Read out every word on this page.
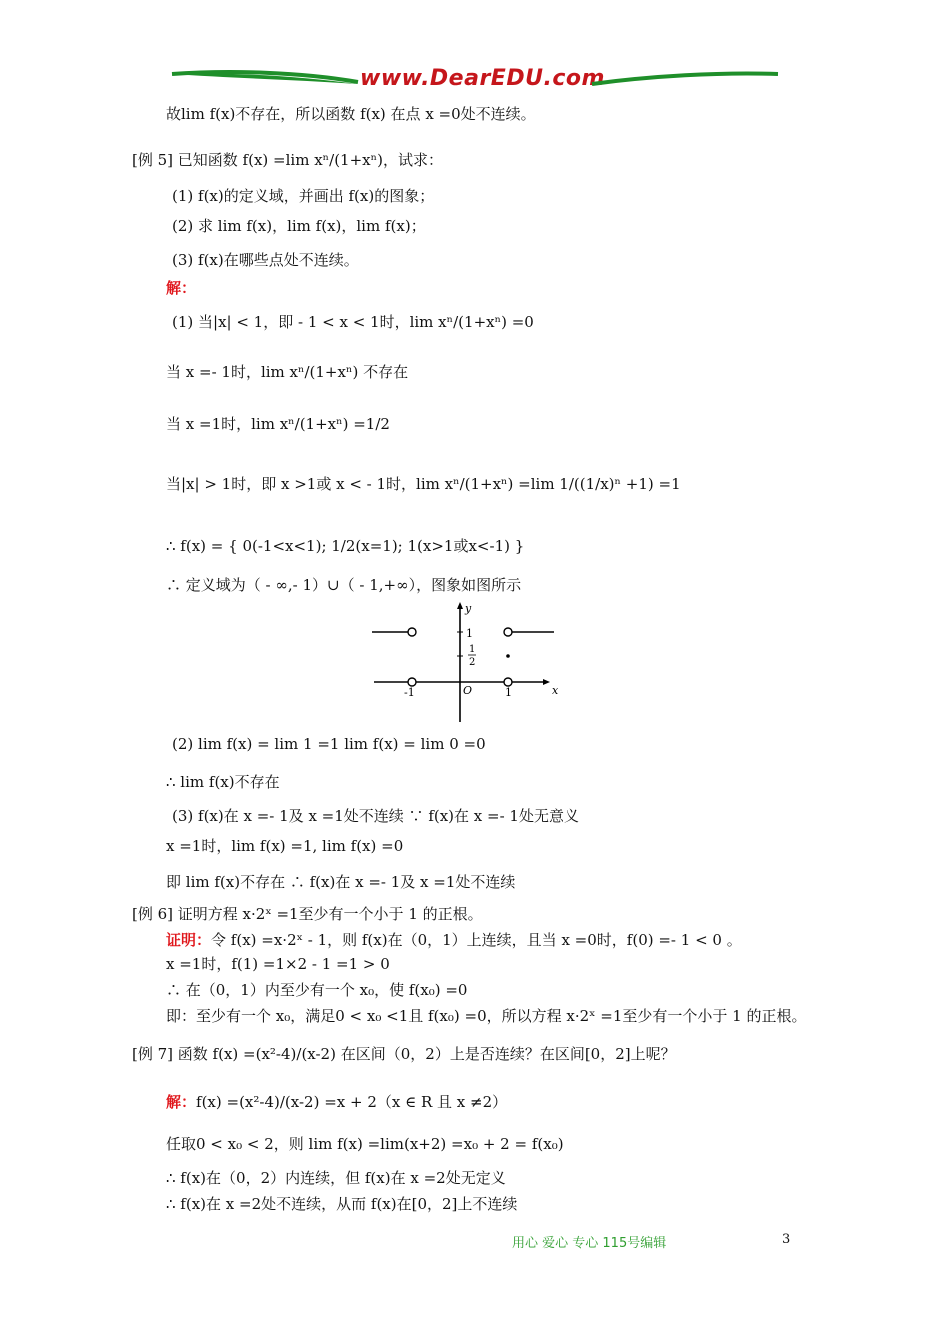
www.DearEDU.com
故lim f(x)不存在，所以函数 f(x) 在点 x =0处不连续。
[例 5] 已知函数 f(x) =lim xⁿ/(1+xⁿ)，试求：
(1) f(x)的定义域，并画出 f(x)的图象；
(2) 求 lim f(x)，lim f(x)，lim f(x)；
(3) f(x)在哪些点处不连续。
解：
(1) 当|x| < 1，即 - 1 < x < 1时，lim xⁿ/(1+xⁿ) =0
当 x =- 1时，lim xⁿ/(1+xⁿ) 不存在
当 x =1时，lim xⁿ/(1+xⁿ) =1/2
当|x| > 1时，即 x >1或 x < - 1时，lim xⁿ/(1+xⁿ) =lim 1/((1/x)ⁿ +1) =1
∴ f(x) = { 0(-1<x<1); 1/2(x=1); 1(x>1或x<-1) }
∴ 定义域为（ - ∞,- 1）∪（ - 1,+∞），图象如图所示
y
x
O
1
1
2
-1	1
(2) lim f(x) = lim 1 =1 lim f(x) = lim 0 =0
∴ lim f(x)不存在
(3) f(x)在 x =- 1及 x =1处不连续 ∵ f(x)在 x =- 1处无意义
x =1时，lim f(x) =1, lim f(x) =0
即 lim f(x)不存在 ∴ f(x)在 x =- 1及 x =1处不连续
[例 6] 证明方程 x·2ˣ =1至少有一个小于 1 的正根。
证明：令 f(x) =x·2ˣ - 1，则 f(x)在（0，1）上连续，且当 x =0时，f(0) =- 1 < 0 。
x =1时，f(1) =1×2 - 1 =1 > 0
∴ 在（0，1）内至少有一个 x₀，使 f(x₀) =0
即：至少有一个 x₀，满足0 < x₀ <1且 f(x₀) =0，所以方程 x·2ˣ =1至少有一个小于 1 的正根。
[例 7] 函数 f(x) =(x²-4)/(x-2) 在区间（0，2）上是否连续？在区间[0，2]上呢？
解：f(x) =(x²-4)/(x-2) =x + 2（x ∈ R 且 x ≠2）
任取0 < x₀ < 2，则 lim f(x) =lim(x+2) =x₀ + 2 = f(x₀)
∴ f(x)在（0，2）内连续，但 f(x)在 x =2处无定义
∴ f(x)在 x =2处不连续，从而 f(x)在[0，2]上不连续
用心 爱心 专心 115号编辑	3
